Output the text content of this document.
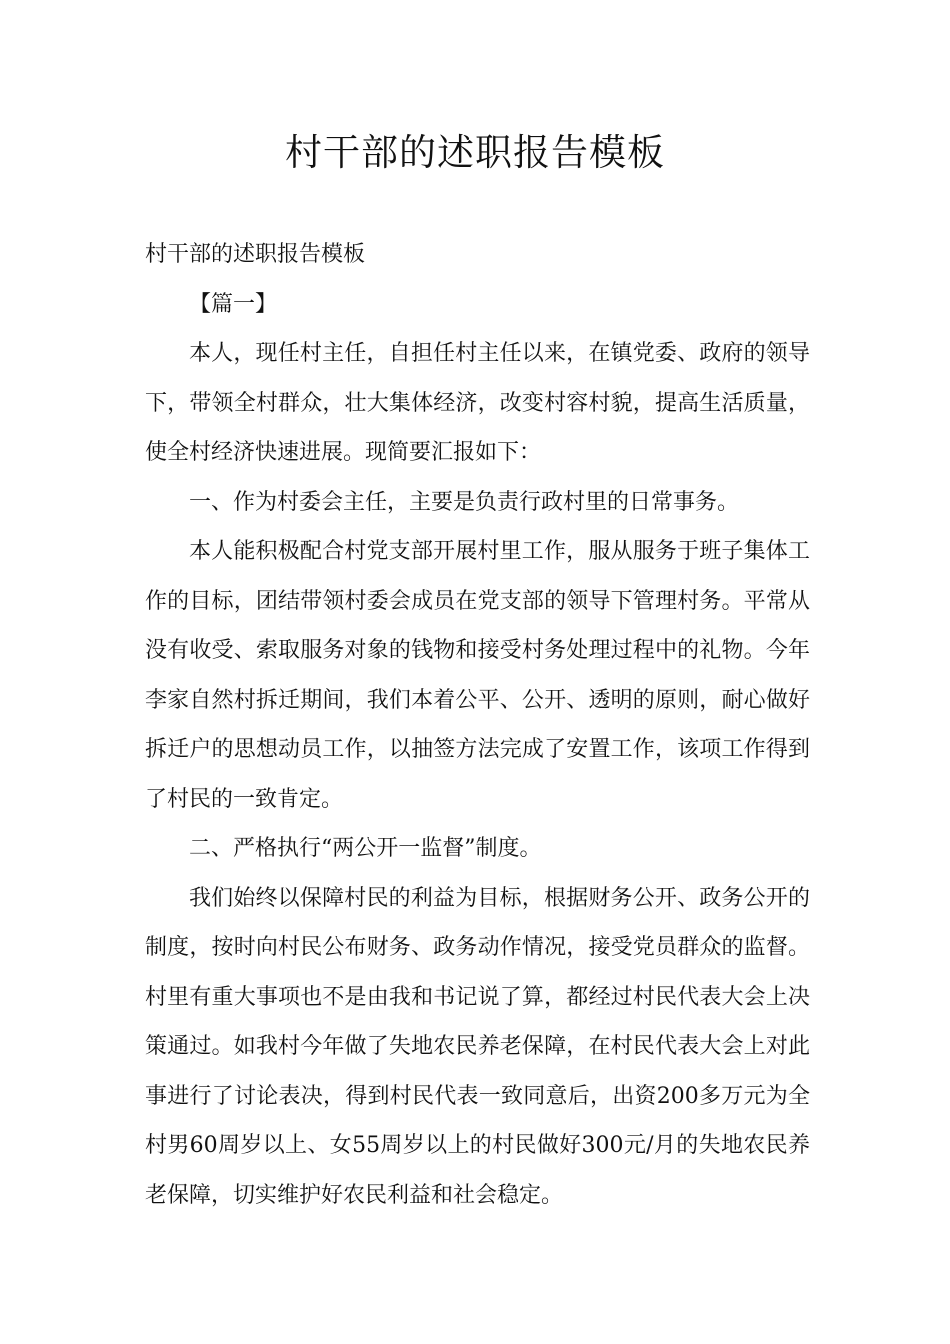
村干部的述职报告模板

村干部的述职报告模板

【篇一】

本人，现任村主任，自担任村主任以来，在镇党委、政府的领导下，带领全村群众，壮大集体经济，改变村容村貌，提高生活质量，使全村经济快速进展。现简要汇报如下：

一、作为村委会主任，主要是负责行政村里的日常事务。

本人能积极配合村党支部开展村里工作，服从服务于班子集体工作的目标，团结带领村委会成员在党支部的领导下管理村务。平常从没有收受、索取服务对象的钱物和接受村务处理过程中的礼物。今年李家自然村拆迁期间，我们本着公平、公开、透明的原则，耐心做好拆迁户的思想动员工作，以抽签方法完成了安置工作，该项工作得到了村民的一致肯定。

二、严格执行“两公开一监督”制度。

我们始终以保障村民的利益为目标，根据财务公开、政务公开的制度，按时向村民公布财务、政务动作情况，接受党员群众的监督。村里有重大事项也不是由我和书记说了算，都经过村民代表大会上决策通过。如我村今年做了失地农民养老保障，在村民代表大会上对此事进行了讨论表决，得到村民代表一致同意后，出资200多万元为全村男60周岁以上、女55周岁以上的村民做好300元/月的失地农民养老保障，切实维护好农民利益和社会稳定。
